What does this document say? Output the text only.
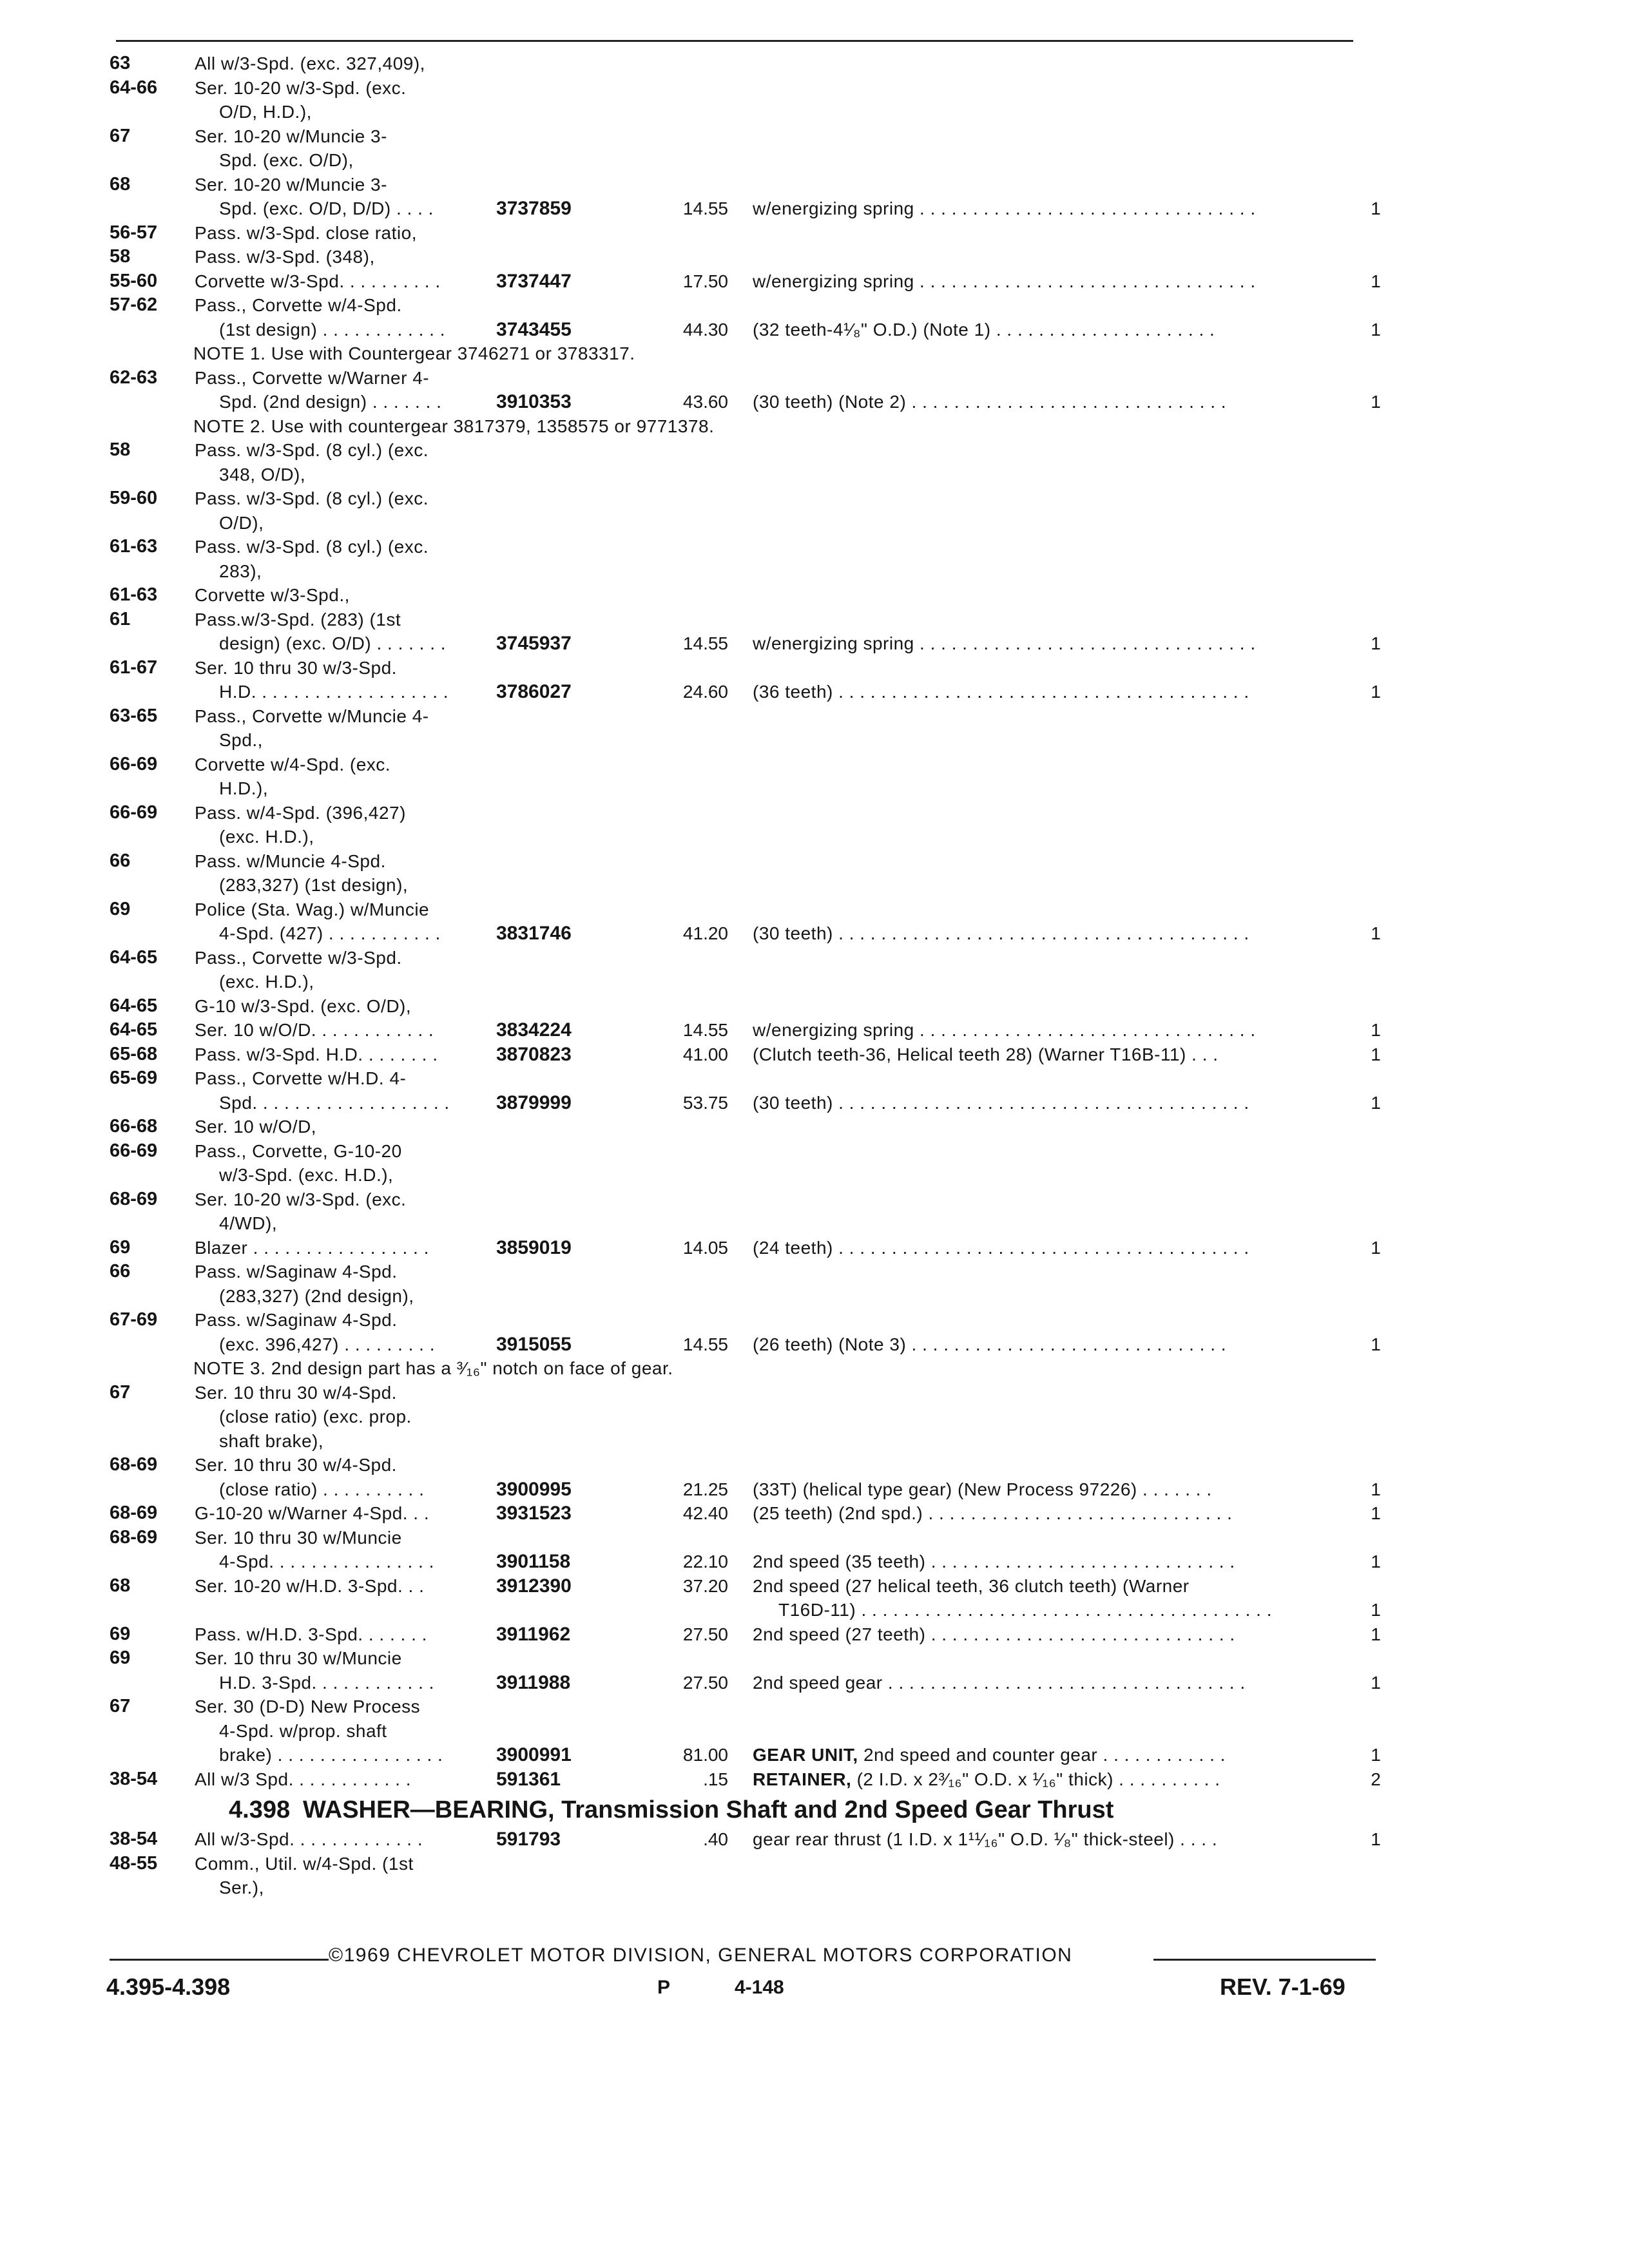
63	All w/3-Spd. (exc. 327,409),
64-66 Ser. 10-20 w/3-Spd. (exc.
O/D, H.D.),
67	Ser. 10-20 w/Muncie 3-
Spd. (exc. O/D),
68	Ser. 10-20 w/Muncie 3-
Spd. (exc. O/D, D/D) . . . .	3737859	14.55 w/energizing spring . . . . . . . . . . . . . . . . . . . . . . . . . . . . . . . .	1
56-57 Pass. w/3-Spd. close ratio,
58	Pass. w/3-Spd. (348),
55-60 Corvette w/3-Spd. . . . . . . . . .	3737447	17.50 w/energizing spring . . . . . . . . . . . . . . . . . . . . . . . . . . . . . . . .	1
57-62 Pass., Corvette w/4-Spd.
(1st design) . . . . . . . . . . . .	3743455	44.30 (32 teeth-4¹⁄₈" O.D.) (Note 1) . . . . . . . . . . . . . . . . . . . . .	1
NOTE 1. Use with Countergear 3746271 or 3783317.
62-63 Pass., Corvette w/Warner 4-
Spd. (2nd design) . . . . . . .	3910353	43.60 (30 teeth) (Note 2) . . . . . . . . . . . . . . . . . . . . . . . . . . . . . .	1
NOTE 2. Use with countergear 3817379, 1358575 or 9771378.
58	Pass. w/3-Spd. (8 cyl.) (exc.
348, O/D),
59-60 Pass. w/3-Spd. (8 cyl.) (exc.
O/D),
61-63 Pass. w/3-Spd. (8 cyl.) (exc.
283),
61-63 Corvette w/3-Spd.,
61	Pass.w/3-Spd. (283) (1st
design) (exc. O/D) . . . . . . .	3745937	14.55 w/energizing spring . . . . . . . . . . . . . . . . . . . . . . . . . . . . . . . .	1
61-67 Ser. 10 thru 30 w/3-Spd.
H.D. . . . . . . . . . . . . . . . . . . 3786027	24.60 (36 teeth) . . . . . . . . . . . . . . . . . . . . . . . . . . . . . . . . . . . . . . .	1
63-65 Pass., Corvette w/Muncie 4-
Spd.,
66-69 Corvette w/4-Spd. (exc.
H.D.),
66-69 Pass. w/4-Spd. (396,427)
(exc. H.D.),
66	Pass. w/Muncie 4-Spd.
(283,327) (1st design),
69	Police (Sta. Wag.) w/Muncie
4-Spd. (427) . . . . . . . . . . .	3831746	41.20 (30 teeth) . . . . . . . . . . . . . . . . . . . . . . . . . . . . . . . . . . . . . . .	1
64-65 Pass., Corvette w/3-Spd.
(exc. H.D.),
64-65 G-10 w/3-Spd. (exc. O/D),
64-65 Ser. 10 w/O/D. . . . . . . . . . . .	3834224	14.55 w/energizing spring . . . . . . . . . . . . . . . . . . . . . . . . . . . . . . . .	1
65-68 Pass. w/3-Spd. H.D. . . . . . . .	3870823	41.00 (Clutch teeth-36, Helical teeth 28) (Warner T16B-11) . . .	1
65-69 Pass., Corvette w/H.D. 4-
Spd. . . . . . . . . . . . . . . . . . . 3879999	53.75 (30 teeth) . . . . . . . . . . . . . . . . . . . . . . . . . . . . . . . . . . . . . . .	1
66-68 Ser. 10 w/O/D,
66-69 Pass., Corvette, G-10-20
w/3-Spd. (exc. H.D.),
68-69 Ser. 10-20 w/3-Spd. (exc.
4/WD),
69	Blazer . . . . . . . . . . . . . . . . .	3859019	14.05 (24 teeth) . . . . . . . . . . . . . . . . . . . . . . . . . . . . . . . . . . . . . . .	1
66	Pass. w/Saginaw 4-Spd.
(283,327) (2nd design),
67-69 Pass. w/Saginaw 4-Spd.
(exc. 396,427) . . . . . . . . .	3915055	14.55 (26 teeth) (Note 3) . . . . . . . . . . . . . . . . . . . . . . . . . . . . . .	1
NOTE 3. 2nd design part has a ³⁄₁₆" notch on face of gear.
67	Ser. 10 thru 30 w/4-Spd.
(close ratio) (exc. prop.
shaft brake),
68-69 Ser. 10 thru 30 w/4-Spd.
(close ratio) . . . . . . . . . .	3900995	21.25 (33T) (helical type gear) (New Process 97226) . . . . . . .	1
68-69 G-10-20 w/Warner 4-Spd. . .	3931523	42.40 (25 teeth) (2nd spd.) . . . . . . . . . . . . . . . . . . . . . . . . . . . . .	1
68-69 Ser. 10 thru 30 w/Muncie
4-Spd. . . . . . . . . . . . . . . .	3901158	22.10 2nd speed (35 teeth) . . . . . . . . . . . . . . . . . . . . . . . . . . . . .	1
68	Ser. 10-20 w/H.D. 3-Spd. . .	3912390	37.20 2nd speed (27 helical teeth, 36 clutch teeth) (Warner
T16D-11) . . . . . . . . . . . . . . . . . . . . . . . . . . . . . . . . . . . . . . .	1
69	Pass. w/H.D. 3-Spd. . . . . . .	3911962	27.50 2nd speed (27 teeth) . . . . . . . . . . . . . . . . . . . . . . . . . . . . .	1
69	Ser. 10 thru 30 w/Muncie
H.D. 3-Spd. . . . . . . . . . . .	3911988	27.50 2nd speed gear . . . . . . . . . . . . . . . . . . . . . . . . . . . . . . . . . .	1
67	Ser. 30 (D-D) New Process
4-Spd. w/prop. shaft
brake) . . . . . . . . . . . . . . . .	3900991	81.00 GEAR UNIT, 2nd speed and counter gear . . . . . . . . . . . .	1
38-54 All w/3 Spd. . . . . . . . . . . .	591361	.15 RETAINER, (2 I.D. x 2³⁄₁₆" O.D. x ¹⁄₁₆" thick) . . . . . . . . . .	2
4.398 WASHER—BEARING, Transmission Shaft and 2nd Speed Gear Thrust
38-54 All w/3-Spd. . . . . . . . . . . . .	591793	.40 gear rear thrust (1 I.D. x 1¹¹⁄₁₆" O.D. ¹⁄₈" thick-steel) . . . .	1
48-55 Comm., Util. w/4-Spd. (1st
Ser.),
©1969 CHEVROLET MOTOR DIVISION, GENERAL MOTORS CORPORATION
4.395-4.398	P	4-148	REV. 7-1-69
